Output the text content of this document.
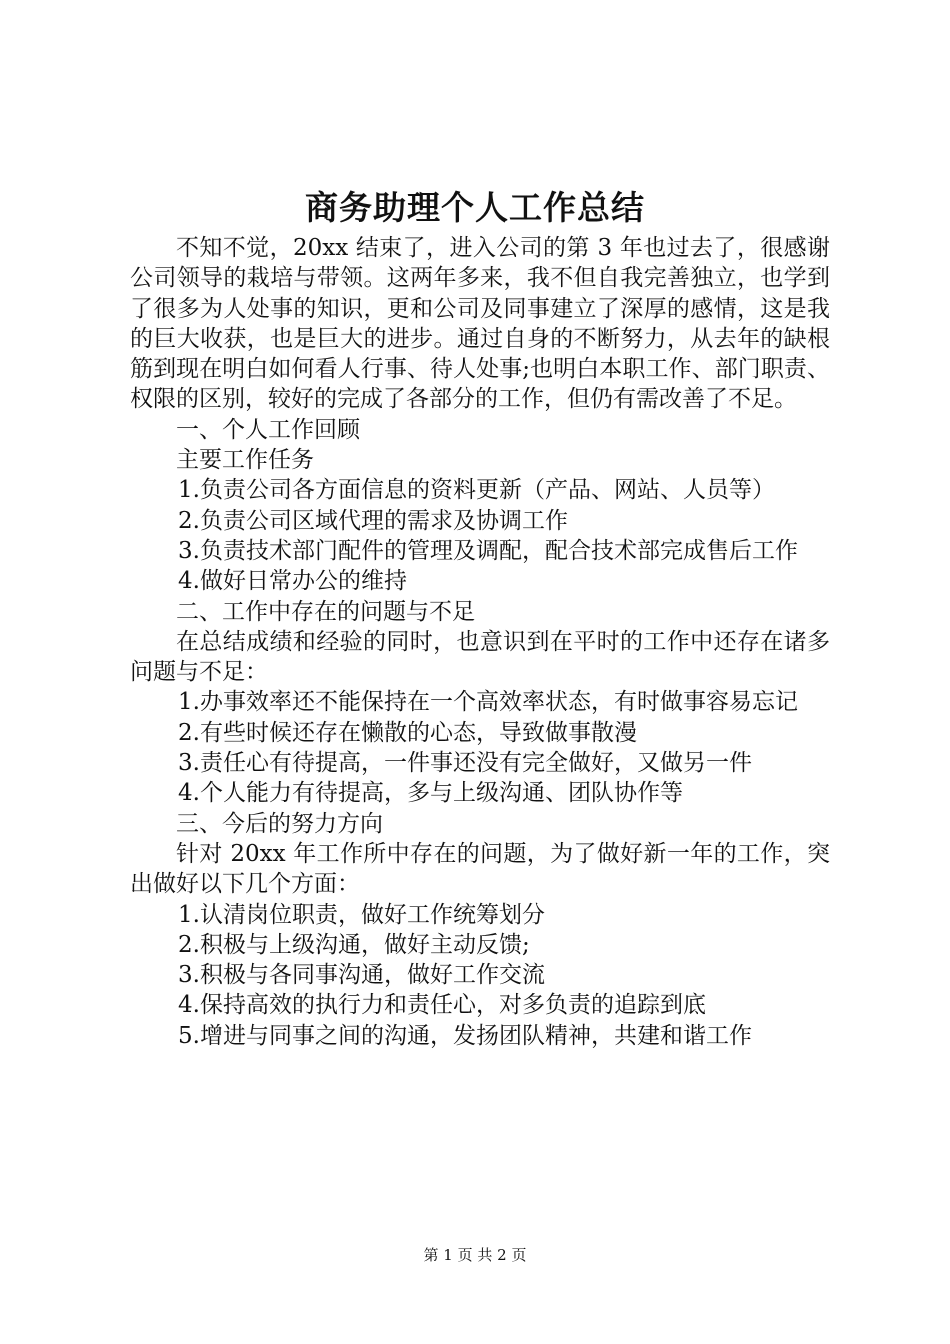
商务助理个人工作总结

不知不觉，20xx 结束了，进入公司的第 3 年也过去了，很感谢公司领导的栽培与带领。这两年多来，我不但自我完善独立，也学到了很多为人处事的知识，更和公司及同事建立了深厚的感情，这是我的巨大收获，也是巨大的进步。通过自身的不断努力，从去年的缺根筋到现在明白如何看人行事、待人处事;也明白本职工作、部门职责、权限的区别，较好的完成了各部分的工作，但仍有需改善了不足。

一、个人工作回顾

主要工作任务

1.负责公司各方面信息的资料更新（产品、网站、人员等）

2.负责公司区域代理的需求及协调工作

3.负责技术部门配件的管理及调配，配合技术部完成售后工作

4.做好日常办公的维持

二、工作中存在的问题与不足

在总结成绩和经验的同时，也意识到在平时的工作中还存在诸多问题与不足：

1.办事效率还不能保持在一个高效率状态，有时做事容易忘记

2.有些时候还存在懒散的心态，导致做事散漫

3.责任心有待提高，一件事还没有完全做好，又做另一件

4.个人能力有待提高，多与上级沟通、团队协作等

三、今后的努力方向

针对 20xx 年工作所中存在的问题，为了做好新一年的工作，突出做好以下几个方面：

1.认清岗位职责，做好工作统筹划分

2.积极与上级沟通，做好主动反馈;

3.积极与各同事沟通，做好工作交流

4.保持高效的执行力和责任心，对多负责的追踪到底

5.增进与同事之间的沟通，发扬团队精神，共建和谐工作

第 1 页 共 2 页
